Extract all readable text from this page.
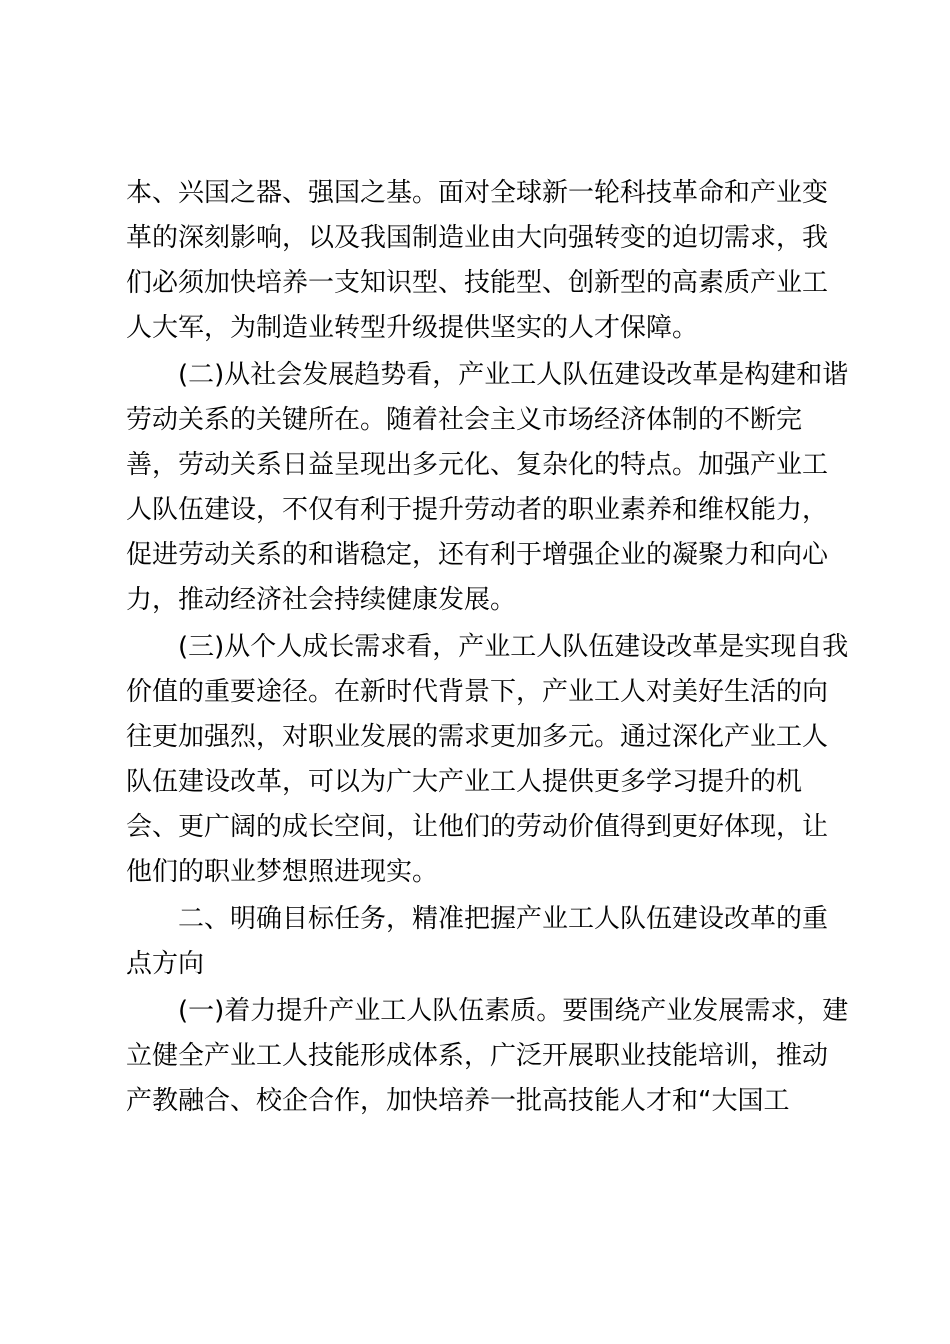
本、兴国之器、强国之基。面对全球新一轮科技革命和产业变
革的深刻影响，以及我国制造业由大向强转变的迫切需求，我
们必须加快培养一支知识型、技能型、创新型的高素质产业工
人大军，为制造业转型升级提供坚实的人才保障。
　　(二)从社会发展趋势看，产业工人队伍建设改革是构建和谐
劳动关系的关键所在。随着社会主义市场经济体制的不断完
善，劳动关系日益呈现出多元化、复杂化的特点。加强产业工
人队伍建设，不仅有利于提升劳动者的职业素养和维权能力，
促进劳动关系的和谐稳定，还有利于增强企业的凝聚力和向心
力，推动经济社会持续健康发展。
　　(三)从个人成长需求看，产业工人队伍建设改革是实现自我
价值的重要途径。在新时代背景下，产业工人对美好生活的向
往更加强烈，对职业发展的需求更加多元。通过深化产业工人
队伍建设改革，可以为广大产业工人提供更多学习提升的机
会、更广阔的成长空间，让他们的劳动价值得到更好体现，让
他们的职业梦想照进现实。
　　二、明确目标任务，精准把握产业工人队伍建设改革的重
点方向
　　(一)着力提升产业工人队伍素质。要围绕产业发展需求，建
立健全产业工人技能形成体系，广泛开展职业技能培训，推动
产教融合、校企合作，加快培养一批高技能人才和“大国工
